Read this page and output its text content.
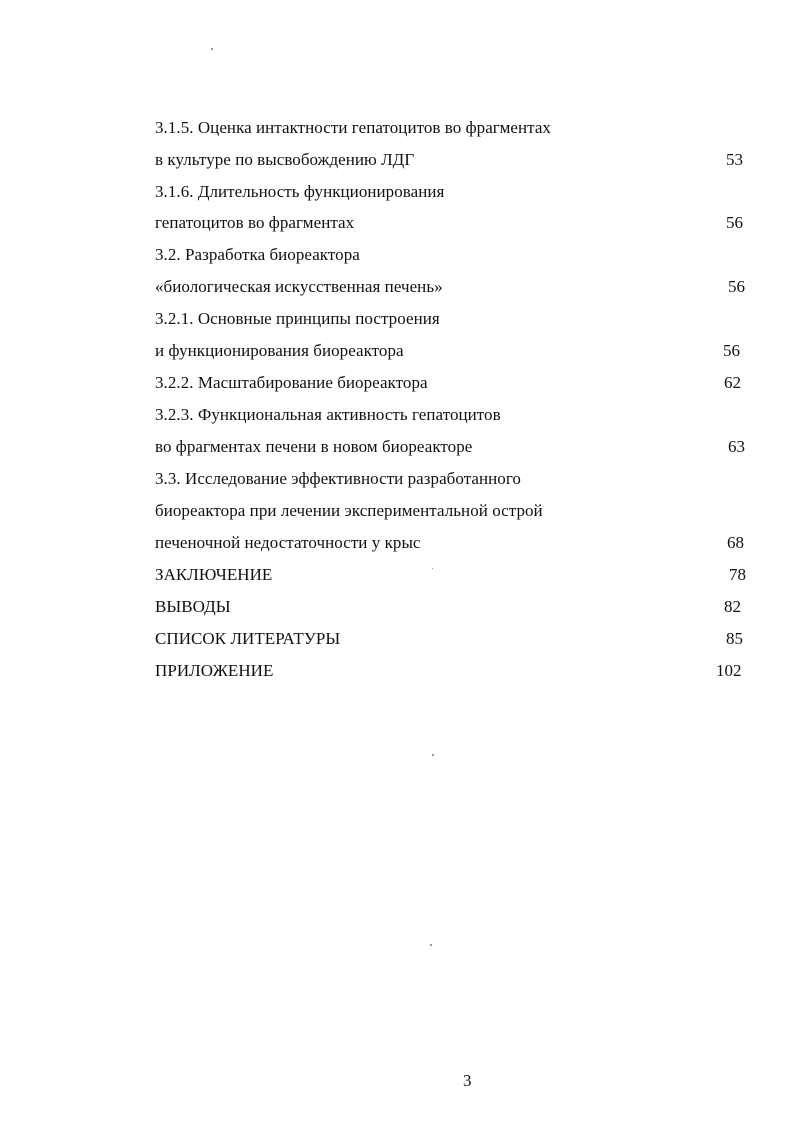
3.1.5. Оценка интактности гепатоцитов во фрагментах
в культуре по высвобождению ЛДГ	53
3.1.6. Длительность функционирования
гепатоцитов во фрагментах	56
3.2. Разработка биореактора
«биологическая искусственная печень»	56
3.2.1. Основные принципы построения
и функционирования биореактора	56
3.2.2. Масштабирование биореактора	62
3.2.3. Функциональная активность гепатоцитов
во фрагментах печени в новом биореакторе	63
3.3. Исследование эффективности разработанного
биореактора при лечении экспериментальной острой
печеночной недостаточности у крыс	68
ЗАКЛЮЧЕНИЕ	78
ВЫВОДЫ	82
СПИСОК ЛИТЕРАТУРЫ	85
ПРИЛОЖЕНИЕ	102
3
